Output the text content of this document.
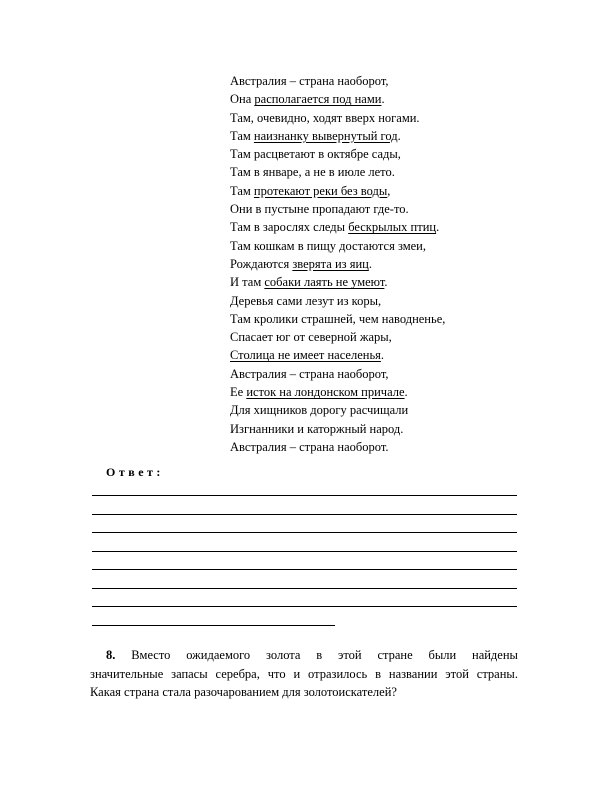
Австралия – страна наоборот,
Она располагается под нами.
Там, очевидно, ходят вверх ногами.
Там наизнанку вывернутый год.
Там расцветают в октябре сады,
Там в январе, а не в июле лето.
Там протекают реки без воды,
Они в пустыне пропадают где-то.
Там в зарослях следы бескрылых птиц.
Там кошкам в пищу достаются змеи,
Рождаются зверята из яиц.
И там собаки лаять не умеют.
Деревья сами лезут из коры,
Там кролики страшней, чем наводненье,
Спасает юг от северной жары,
Столица не имеет населенья.
Австралия – страна наоборот,
Ее исток на лондонском причале.
Для хищников дорогу расчищали
Изгнанники и каторжный народ.
Австралия – страна наоборот.
Ответ:
8. Вместо ожидаемого золота в этой стране были найдены
значительные запасы серебра, что и отразилось в названии этой страны.
Какая страна стала разочарованием для золотоискателей?
